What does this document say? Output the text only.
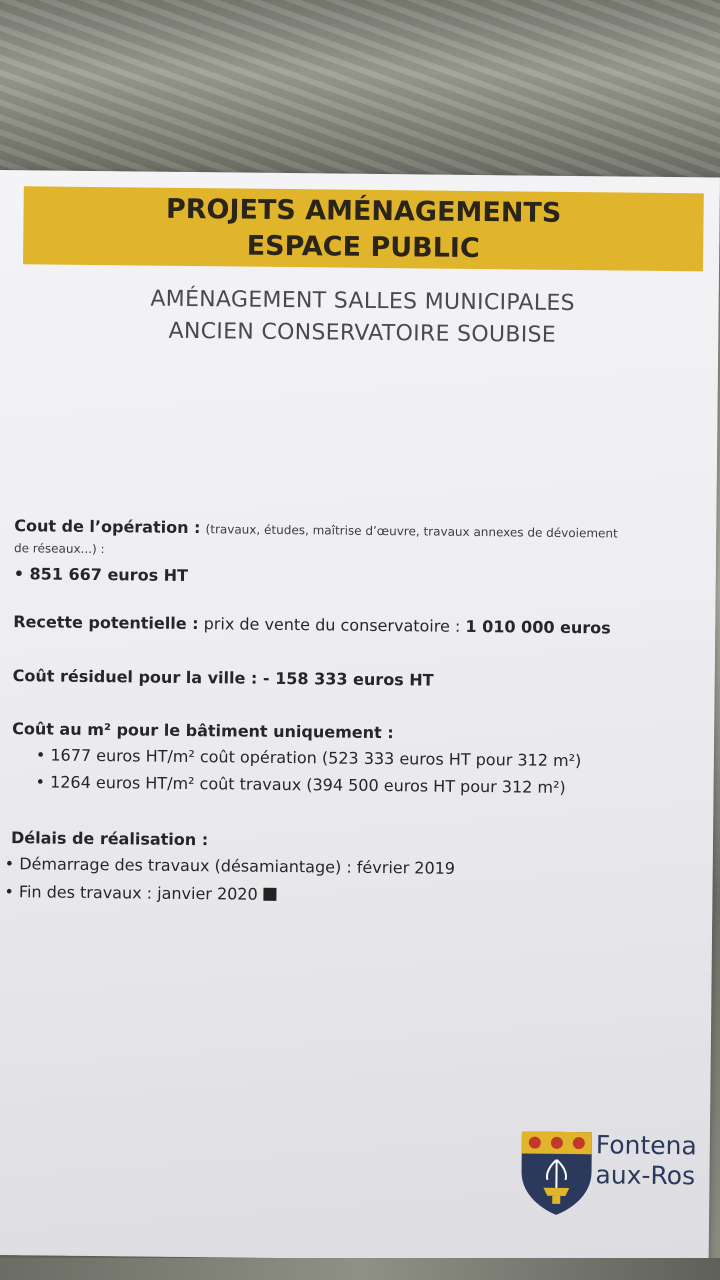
PROJETS AMÉNAGEMENTS
ESPACE PUBLIC
AMÉNAGEMENT SALLES MUNICIPALES
ANCIEN CONSERVATOIRE SOUBISE
Cout de l’opération : (travaux, études, maîtrise d’œuvre, travaux annexes de dévoiement
de réseaux...) :
• 851 667 euros HT
Recette potentielle : prix de vente du conservatoire : 1 010 000 euros
Coût résiduel pour la ville : - 158 333 euros HT
Coût au m² pour le bâtiment uniquement :
• 1677 euros HT/m² coût opération (523 333 euros HT pour 312 m²)
• 1264 euros HT/m² coût travaux (394 500 euros HT pour 312 m²)
Délais de réalisation :
• Démarrage des travaux (désamiantage) : février 2019
• Fin des travaux : janvier 2020
Fontena
aux-Ros
